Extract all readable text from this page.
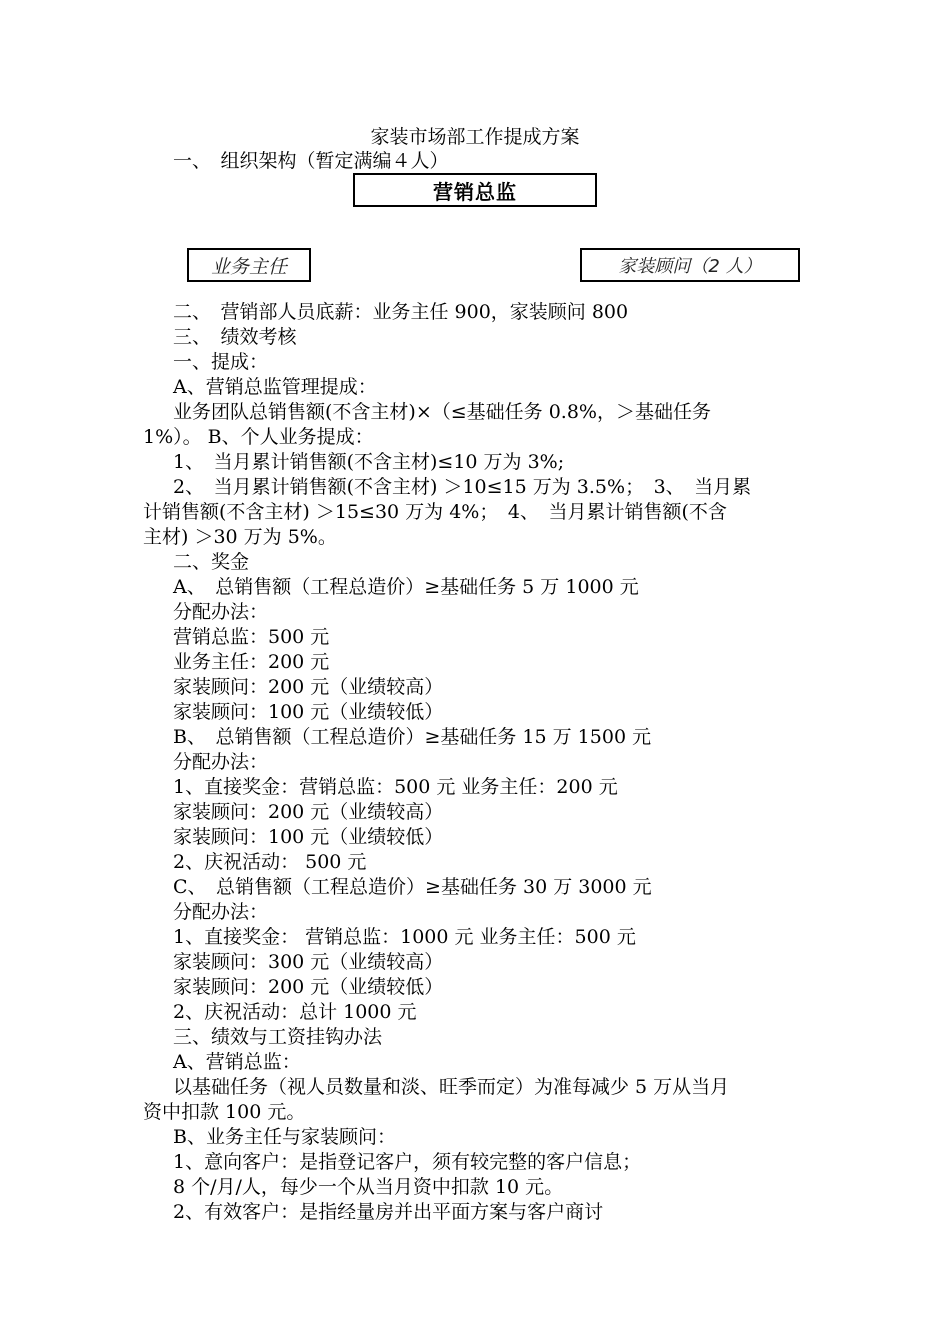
家装市场部工作提成方案
一、　组织架构（暂定满编４人）
营销总监
业务主任	家装顾问（2 人）
二、　营销部人员底薪：业务主任 900，家装顾问 800
三、　绩效考核
一、提成：
A、营销总监管理提成：
业务团队总销售额(不含主材)×（≤基础任务 0.8%，＞基础任务
1%）。 B、个人业务提成：
1、　当月累计销售额(不含主材)≤10 万为 3%;
2、　当月累计销售额(不含主材) ＞10≤15 万为 3.5%；　3、　当月累
计销售额(不含主材) ＞15≤30 万为 4%；　4、　当月累计销售额(不含
主材) ＞30 万为 5%。
二、奖金
A、　总销售额（工程总造价）≥基础任务 5 万 1000 元
分配办法：
营销总监：500 元
业务主任：200 元
家装顾问：200 元（业绩较高）
家装顾问：100 元（业绩较低）
B、　总销售额（工程总造价）≥基础任务 15 万 1500 元
分配办法：
1、直接奖金：营销总监：500 元 业务主任：200 元
家装顾问：200 元（业绩较高）
家装顾问：100 元（业绩较低）
2、庆祝活动： 500 元
C、　总销售额（工程总造价）≥基础任务 30 万 3000 元
分配办法：
1、直接奖金： 营销总监：1000 元 业务主任：500 元
家装顾问：300 元（业绩较高）
家装顾问：200 元（业绩较低）
2、庆祝活动：总计 1000 元
三、绩效与工资挂钩办法
A、营销总监：
以基础任务（视人员数量和淡、旺季而定）为准每减少 5 万从当月
资中扣款 100 元。
B、业务主任与家装顾问：
1、意向客户：是指登记客户，须有较完整的客户信息；
8 个/月/人，每少一个从当月资中扣款 10 元。
2、有效客户：是指经量房并出平面方案与客户商讨
